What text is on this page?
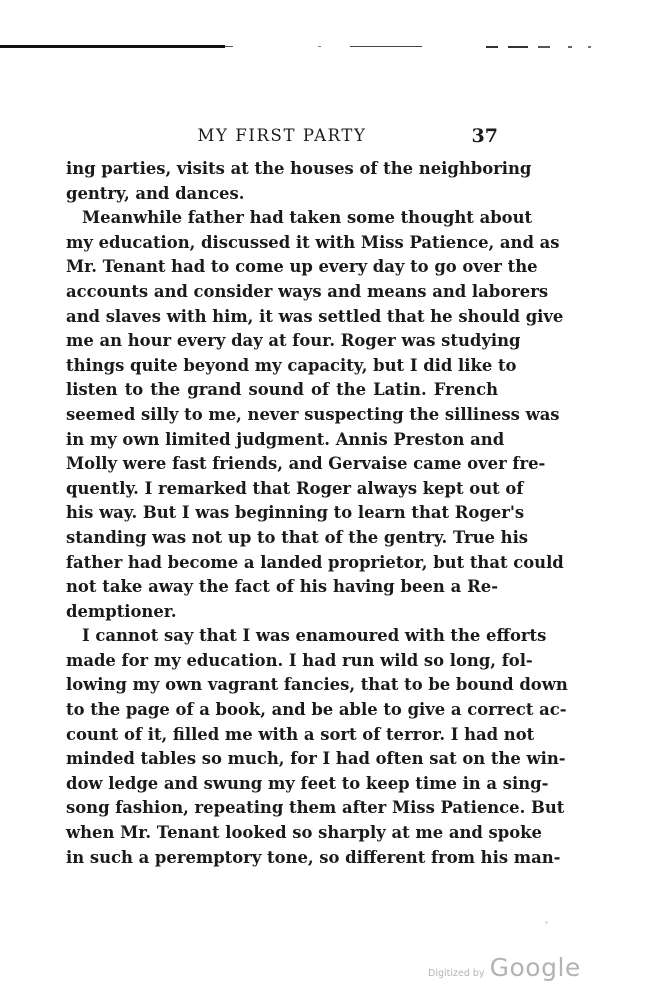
MY FIRST PARTY	37
ing parties, visits at the houses of the neighboring
gentry, and dances.
Meanwhile father had taken some thought about
my education, discussed it with Miss Patience, and as
Mr. Tenant had to come up every day to go over the
accounts and consider ways and means and laborers
and slaves with him, it was settled that he should give
me an hour every day at four. Roger was studying
things quite beyond my capacity, but I did like to
listen to the grand sound of the Latin. French
seemed silly to me, never suspecting the silliness was
in my own limited judgment. Annis Preston and
Molly were fast friends, and Gervaise came over fre-
quently. I remarked that Roger always kept out of
his way. But I was beginning to learn that Roger's
standing was not up to that of the gentry. True his
father had become a landed proprietor, but that could
not take away the fact of his having been a Re-
demptioner.
I cannot say that I was enamoured with the efforts
made for my education. I had run wild so long, fol-
lowing my own vagrant fancies, that to be bound down
to the page of a book, and be able to give a correct ac-
count of it, filled me with a sort of terror. I had not
minded tables so much, for I had often sat on the win-
dow ledge and swung my feet to keep time in a sing-
song fashion, repeating them after Miss Patience. But
when Mr. Tenant looked so sharply at me and spoke
in such a peremptory tone, so different from his man-
Digitized by Google
